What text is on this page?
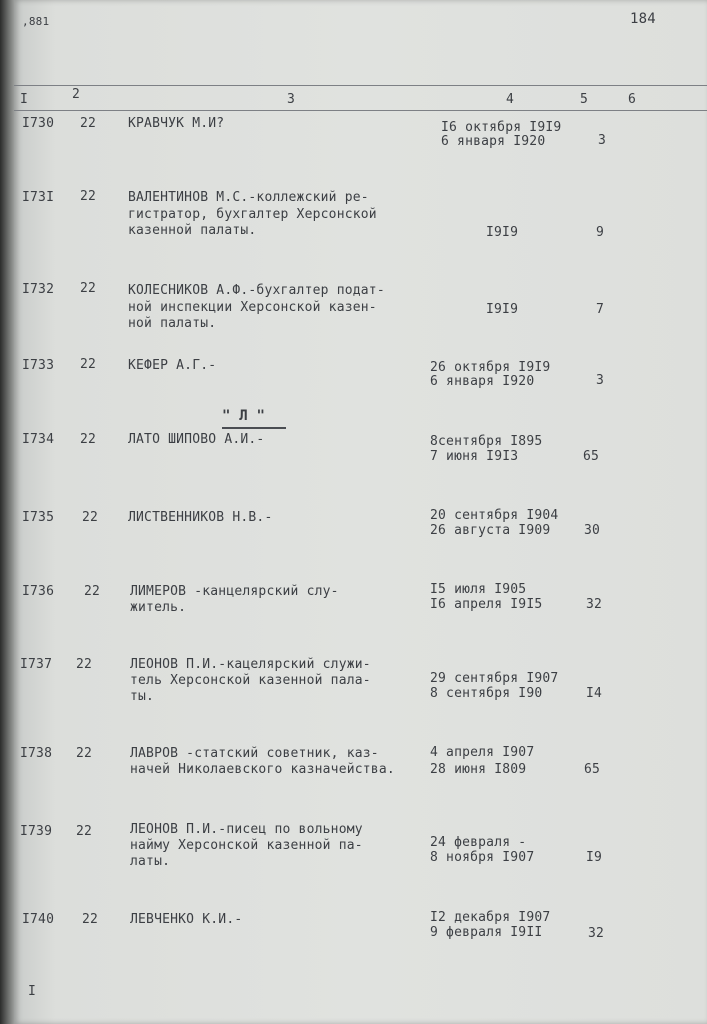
,881	184
I	2	3	4	5	6
" Л "
I730 22 КРАВЧУК М.И?	I6 октября I9I9
6 января I920	3
I73I 22 ВАЛЕНТИНОВ М.С.-коллежский ре-
гистратор, бухгалтер Херсонской
казенной палаты.	I9I9	9
I732 22 КОЛЕСНИКОВ А.Ф.-бухгалтер подат-
ной инспекции Херсонской казен-
ной палаты.
I9I9	7
I733 22 КЕФЕР А.Г.-	26 октября I9I9
6 января I920	3
I734 22 ЛАТО ШИПОВО А.И.-	8сентября I895
7 июня I9I3	65
I735 22 ЛИСТВЕННИКОВ Н.В.-	20 сентября I904
26 августа I909	30
I736 22 ЛИМЕРОВ -канцелярский слу-
житель.
I5 июля I905
I6 апреля I9I5	32
I737 22	ЛЕОНОВ П.И.-кацелярский служи-
тель Херсонской казенной пала-
ты.
29 сентября I907
8 сентября I90	I4
I738 22	ЛАВРОВ -статский советник, каз-
начей Николаевского казначейства.
4 апреля I907
28 июня I809	65
I739 22	ЛЕОНОВ П.И.-писец по вольному
найму Херсонской казенной па-
латы.
24 февраля -
8 ноября I907	I9
I740 22 ЛЕВЧЕНКО К.И.-	I2 декабря I907
9 февраля I9II	32
I
